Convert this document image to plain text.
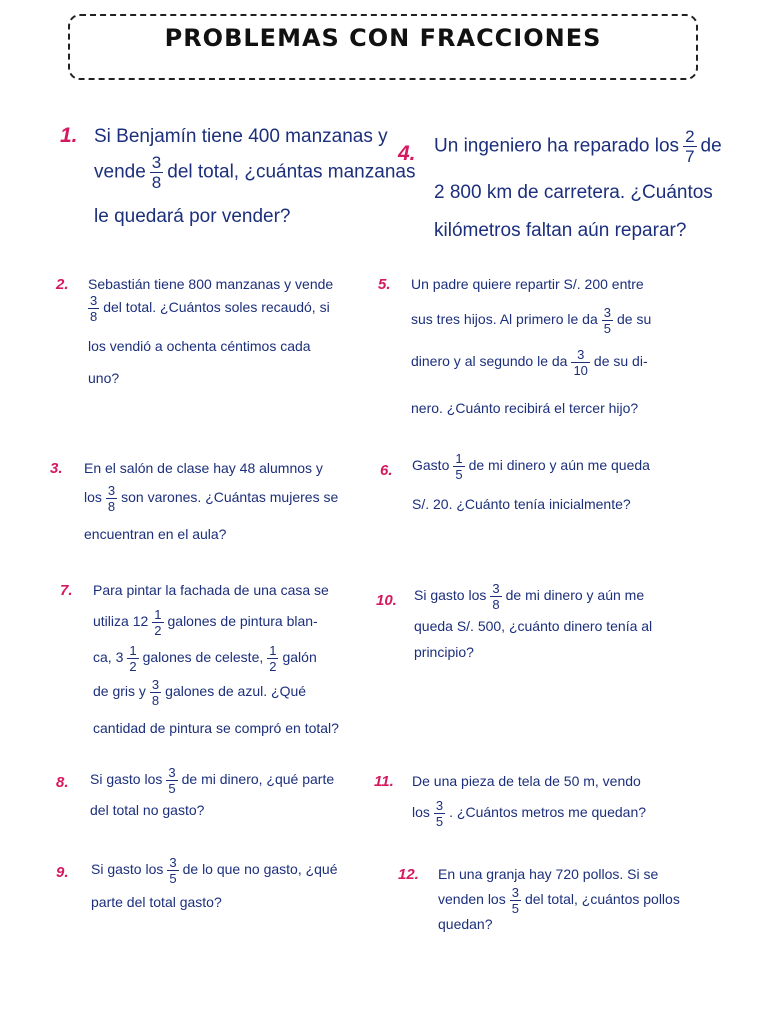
PROBLEMAS CON FRACCIONES
1. Si Benjamín tiene 400 manzanas y
vende $\frac{3}{8}$ del total, ¿cuántas manzanas
le quedará por vender?
4. Un ingeniero ha reparado los $\frac{2}{7}$ de
2 800 km de carretera. ¿Cuántos
kilómetros faltan aún reparar?
2. Sebastián tiene 800 manzanas y vende
$\frac{3}{8}$ del total. ¿Cuántos soles recaudó, si
los vendió a ochenta céntimos cada
uno?
5. Un padre quiere repartir S/. 200 entre
sus tres hijos. Al primero le da $\frac{3}{5}$ de su
dinero y al segundo le da $\frac{3}{10}$ de su di-
nero. ¿Cuánto recibirá el tercer hijo?
3. En el salón de clase hay 48 alumnos y
los $\frac{3}{8}$ son varones. ¿Cuántas mujeres se
encuentran en el aula?
6. Gasto $\frac{1}{5}$ de mi dinero y aún me queda
S/. 20. ¿Cuánto tenía inicialmente?
7. Para pintar la fachada de una casa se
utiliza $12 \frac{1}{2}$ galones de pintura blan-
ca, $3 \frac{1}{2}$ galones de celeste, $\frac{1}{2}$ galón
de gris y $\frac{3}{8}$ galones de azul. ¿Qué
cantidad de pintura se compró en total?
10. Si gasto los $\frac{3}{8}$ de mi dinero y aún me
queda S/. 500, ¿cuánto dinero tenía al
principio?
8. Si gasto los $\frac{3}{5}$ de mi dinero, ¿qué parte
del total no gasto?
11. De una pieza de tela de 50 m, vendo
los $\frac{3}{5}$ . ¿Cuántos metros me quedan?
9. Si gasto los $\frac{3}{5}$ de lo que no gasto, ¿qué
parte del total gasto?
12. En una granja hay 720 pollos. Si se
venden los $\frac{3}{5}$ del total, ¿cuántos pollos
quedan?
